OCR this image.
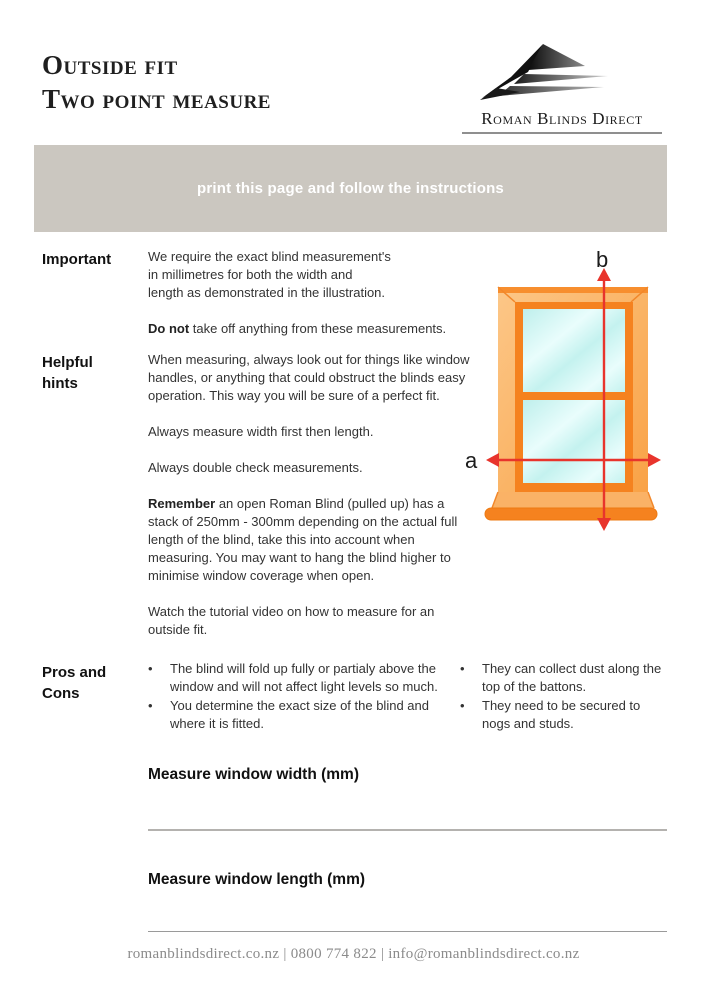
Outside fit
Two point measure
Roman Blinds Direct
print this page and follow the instructions
Important	We require the exact blind measurement's
in millimetres for both the width and
length as demonstrated in the illustration.

Do not take off anything from these measurements.

Helpful
hints

When measuring, always look out for things like window handles, or anything that could obstruct the blinds easy operation. This way you will be sure of a perfect fit.

Always measure width first then length.

Always double check measurements.

Remember an open Roman Blind (pulled up) has a stack of 250mm - 300mm depending on the actual full length of the blind, take this into account when measuring. You may want to hang the blind higher to minimise window coverage when open.

Watch the tutorial video on how to measure for an outside fit.

a
b
Pros and
Cons
•	The blind will fold up fully or partialy above the window and will not affect light levels so much.
•	You determine the exact size of the blind and where it is fitted.
•	They can collect dust along the top of the battons.
•	They need to be secured to nogs and studs.
Measure window width (mm)
Measure window length (mm)
romanblindsdirect.co.nz | 0800 774 822 | info@romanblindsdirect.co.nz
